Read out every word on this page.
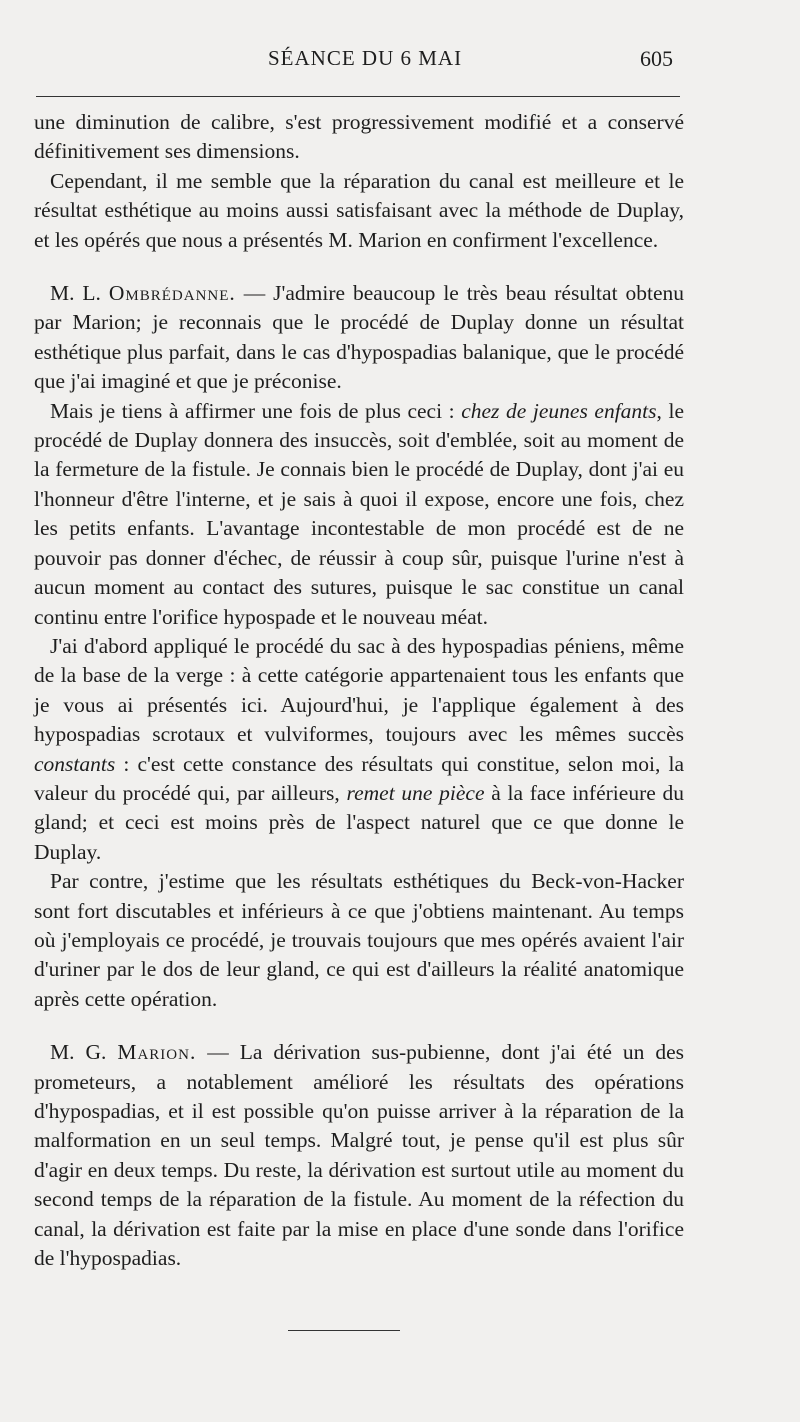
SÉANCE DU 6 MAI	605

une diminution de calibre, s'est progressivement modifié et a conservé définitivement ses dimensions.

Cependant, il me semble que la réparation du canal est meilleure et le résultat esthétique au moins aussi satisfaisant avec la méthode de Duplay, et les opérés que nous a présentés M. Marion en confirment l'excellence.

M. L. Ombrédanne. — J'admire beaucoup le très beau résultat obtenu par Marion; je reconnais que le procédé de Duplay donne un résultat esthétique plus parfait, dans le cas d'hypospadias balanique, que le procédé que j'ai imaginé et que je préconise.

Mais je tiens à affirmer une fois de plus ceci : chez de jeunes enfants, le procédé de Duplay donnera des insuccès, soit d'emblée, soit au moment de la fermeture de la fistule. Je connais bien le procédé de Duplay, dont j'ai eu l'honneur d'être l'interne, et je sais à quoi il expose, encore une fois, chez les petits enfants. L'avantage incontestable de mon procédé est de ne pouvoir pas donner d'échec, de réussir à coup sûr, puisque l'urine n'est à aucun moment au contact des sutures, puisque le sac constitue un canal continu entre l'orifice hypospade et le nouveau méat.

J'ai d'abord appliqué le procédé du sac à des hypospadias péniens, même de la base de la verge : à cette catégorie appartenaient tous les enfants que je vous ai présentés ici. Aujourd'hui, je l'applique également à des hypospadias scrotaux et vulviformes, toujours avec les mêmes succès constants : c'est cette constance des résultats qui constitue, selon moi, la valeur du procédé qui, par ailleurs, remet une pièce à la face inférieure du gland; et ceci est moins près de l'aspect naturel que ce que donne le Duplay.

Par contre, j'estime que les résultats esthétiques du Beck-von-Hacker sont fort discutables et inférieurs à ce que j'obtiens maintenant. Au temps où j'employais ce procédé, je trouvais toujours que mes opérés avaient l'air d'uriner par le dos de leur gland, ce qui est d'ailleurs la réalité anatomique après cette opération.

M. G. Marion. — La dérivation sus-pubienne, dont j'ai été un des prometeurs, a notablement amélioré les résultats des opérations d'hypospadias, et il est possible qu'on puisse arriver à la réparation de la malformation en un seul temps. Malgré tout, je pense qu'il est plus sûr d'agir en deux temps. Du reste, la dérivation est surtout utile au moment du second temps de la réparation de la fistule. Au moment de la réfection du canal, la dérivation est faite par la mise en place d'une sonde dans l'orifice de l'hypospadias.
